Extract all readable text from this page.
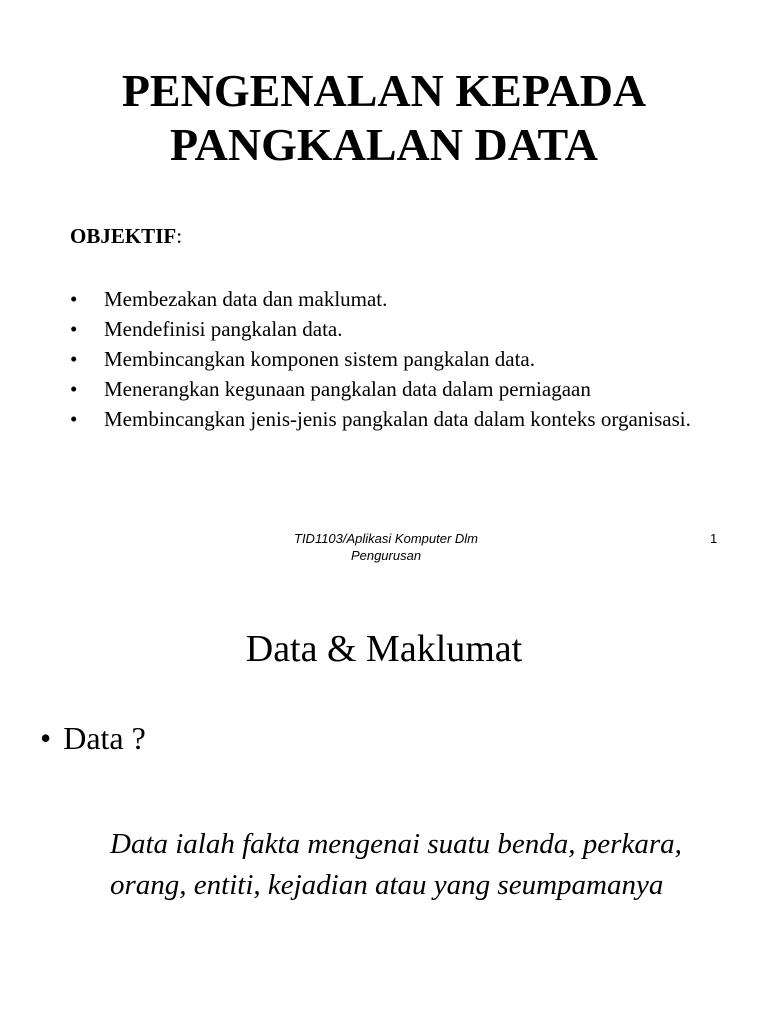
PENGENALAN KEPADA
PANGKALAN DATA

OBJEKTIF:

• Membezakan data dan maklumat.
• Mendefinisi pangkalan data.
• Membincangkan komponen sistem pangkalan data.
• Menerangkan kegunaan pangkalan data dalam perniagaan
• Membincangkan jenis-jenis pangkalan data dalam konteks organisasi.
TID1103/Aplikasi Komputer Dlm
Pengurusan
1
Data & Maklumat
• Data ?

Data ialah fakta mengenai suatu benda, perkara, orang, entiti, kejadian atau yang seumpamanya
